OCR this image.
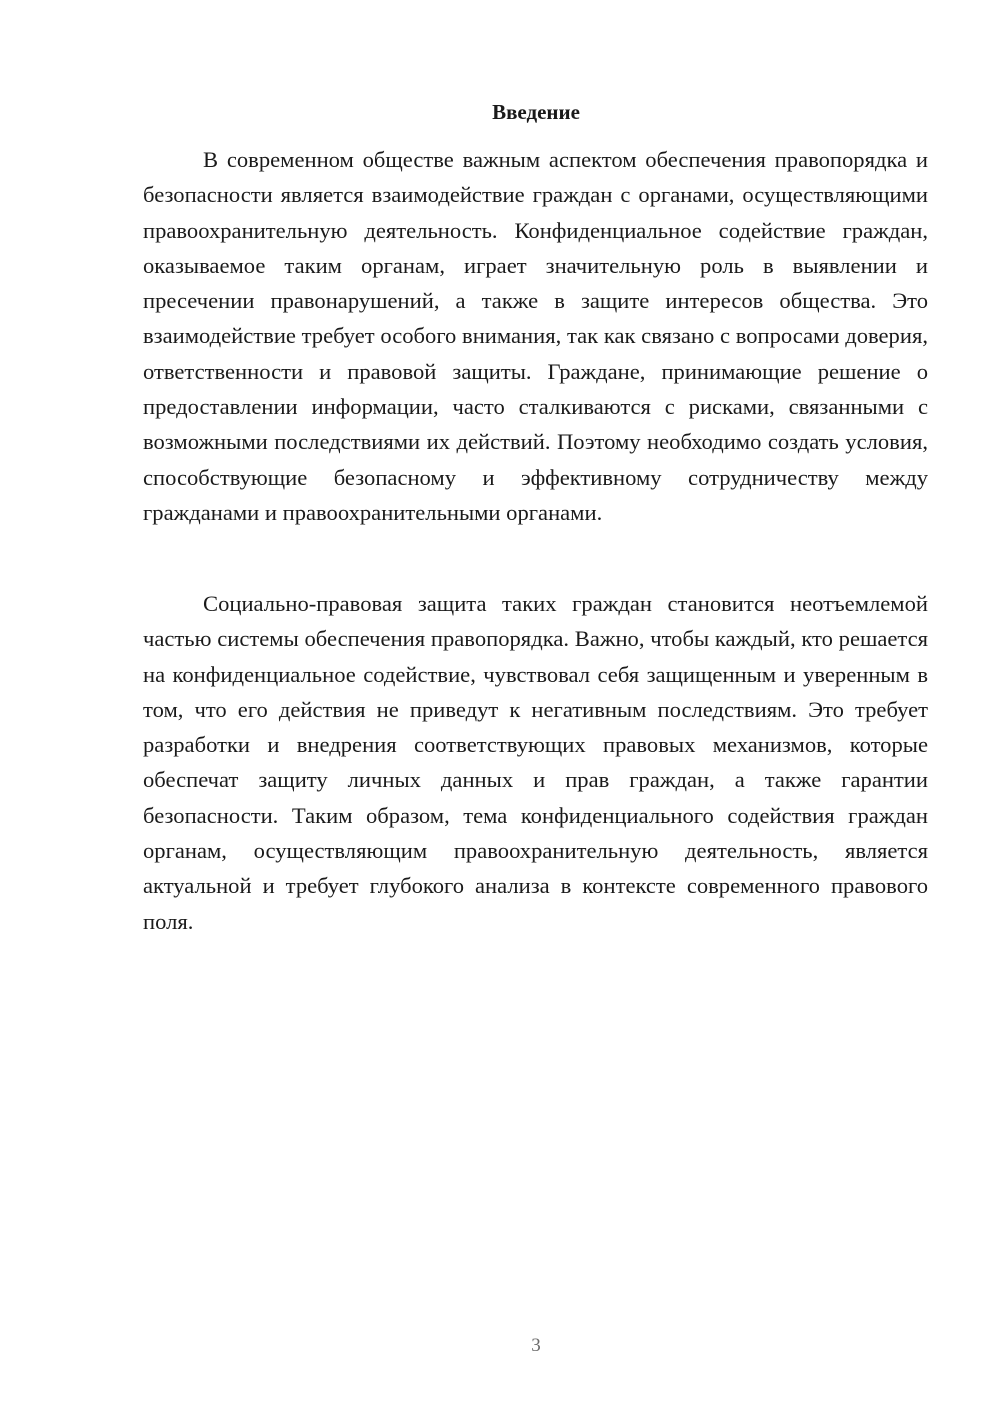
Введение

В современном обществе важным аспектом обеспечения правопорядка и безопасности является взаимодействие граждан с органами, осуществляющими правоохранительную деятельность. Конфиденциальное содействие граждан, оказываемое таким органам, играет значительную роль в выявлении и пресечении правонарушений, а также в защите интересов общества. Это взаимодействие требует особого внимания, так как связано с вопросами доверия, ответственности и правовой защиты. Граждане, принимающие решение о предоставлении информации, часто сталкиваются с рисками, связанными с возможными последствиями их действий. Поэтому необходимо создать условия, способствующие безопасному и эффективному сотрудничеству между гражданами и правоохранительными органами.

Социально-правовая защита таких граждан становится неотъемлемой частью системы обеспечения правопорядка. Важно, чтобы каждый, кто решается на конфиденциальное содействие, чувствовал себя защищенным и уверенным в том, что его действия не приведут к негативным последствиям. Это требует разработки и внедрения соответствующих правовых механизмов, которые обеспечат защиту личных данных и прав граждан, а также гарантии безопасности. Таким образом, тема конфиденциального содействия граждан органам, осуществляющим правоохранительную деятельность, является актуальной и требует глубокого анализа в контексте современного правового поля.

3
